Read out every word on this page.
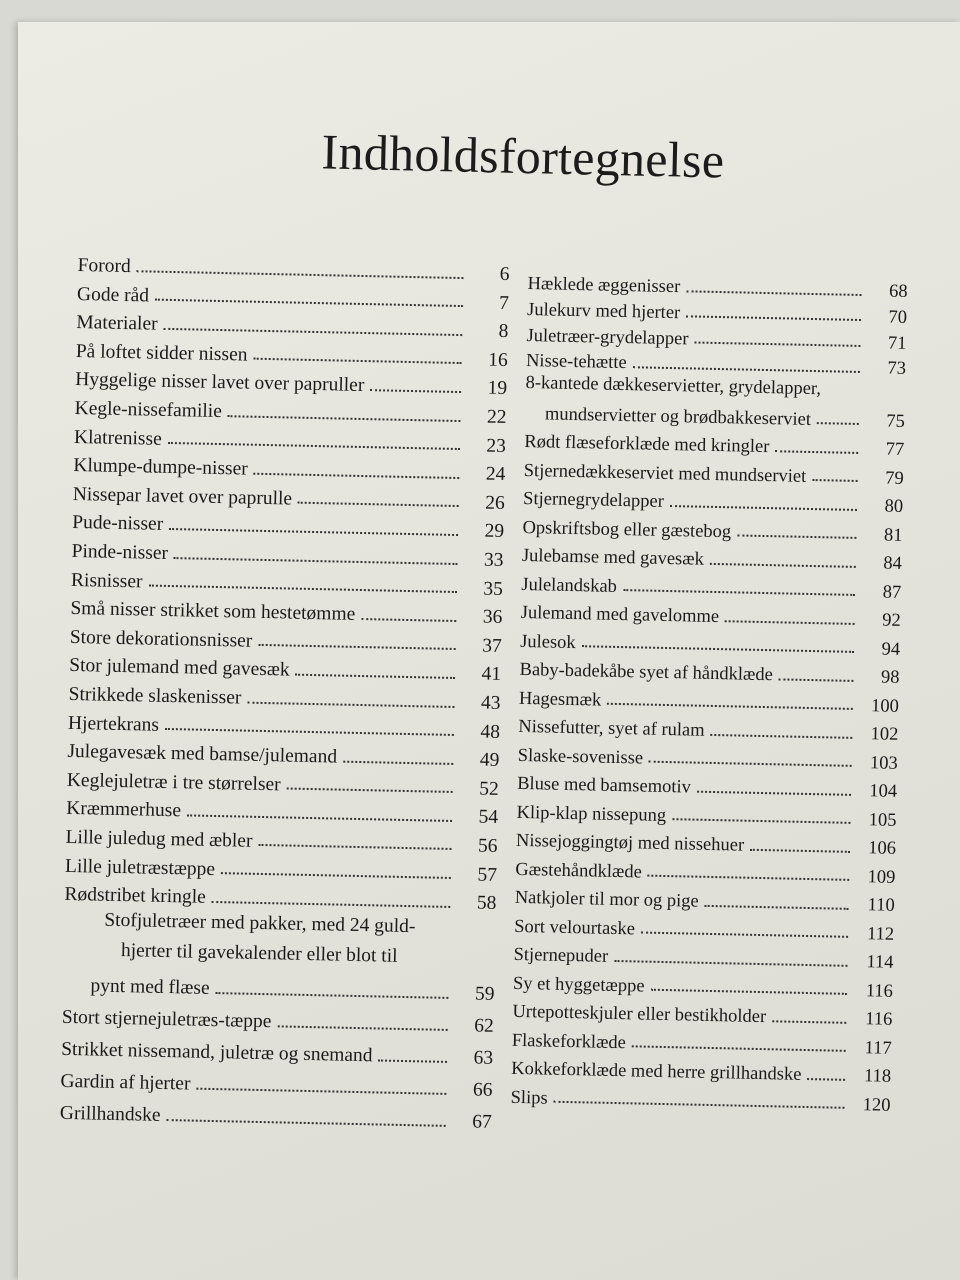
Indholdsfortegnelse
Forord	6
Gode råd	7
Materialer	8
På loftet sidder nissen	16
Hyggelige nisser lavet over papruller	19
Kegle-nissefamilie	22
Klatrenisse	23
Klumpe-dumpe-nisser	24
Nissepar lavet over paprulle	26
Pude-nisser	29
Pinde-nisser	33
Risnisser	35
Små nisser strikket som hestetømme	36
Store dekorationsnisser	37
Stor julemand med gavesæk	41
Strikkede slaskenisser	43
Hjertekrans	48
Julegavesæk med bamse/julemand	49
Keglejuletræ i tre størrelser	52
Kræmmerhuse	54
Lille juledug med æbler	56
Lille juletræstæppe	57
Rødstribet kringle	58
Stofjuletræer med pakker, med 24 guld-
hjerter til gavekalender eller blot til
pynt med flæse	59
Stort stjernejuletræs-tæppe	62
Strikket nissemand, juletræ og snemand	63
Gardin af hjerter	66
Grillhandske	67
Hæklede æggenisser	68
Julekurv med hjerter	70
Juletræer-grydelapper	71
Nisse-tehætte	73
8-kantede dækkeservietter, grydelapper,
mundservietter og brødbakkeserviet	75
Rødt flæseforklæde med kringler	77
Stjernedækkeserviet med mundserviet	79
Stjernegrydelapper	80
Opskriftsbog eller gæstebog	81
Julebamse med gavesæk	84
Julelandskab	87
Julemand med gavelomme	92
Julesok	94
Baby-badekåbe syet af håndklæde	98
Hagesmæk	100
Nissefutter, syet af rulam	102
Slaske-sovenisse	103
Bluse med bamsemotiv	104
Klip-klap nissepung	105
Nissejoggingtøj med nissehuer	106
Gæstehåndklæde	109
Natkjoler til mor og pige	110
Sort velourtaske	112
Stjernepuder	114
Sy et hyggetæppe	116
Urtepotteskjuler eller bestikholder	116
Flaskeforklæde	117
Kokkeforklæde med herre grillhandske	118
Slips	120
